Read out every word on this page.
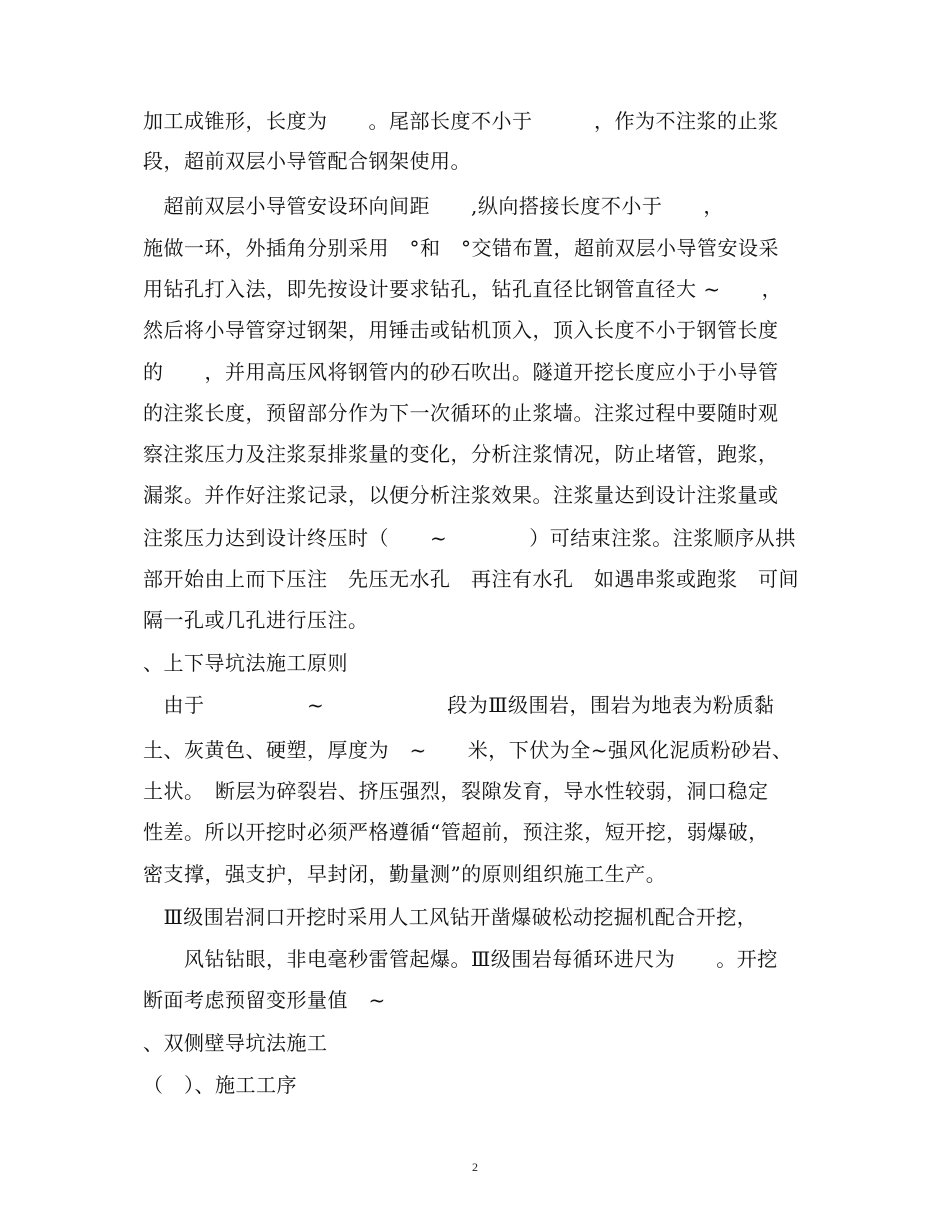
加工成锥形，长度为　　。尾部长度不小于　　　，作为不注浆的止浆
段，超前双层小导管配合钢架使用。
　超前双层小导管安设环向间距　　,纵向搭接长度不小于　　，
施做一环，外插角分别采用　°和　°交错布置，超前双层小导管安设采
用钻孔打入法，即先按设计要求钻孔，钻孔直径比钢管直径大 ~　　，
然后将小导管穿过钢架，用锤击或钻机顶入，顶入长度不小于钢管长度
的　　，并用高压风将钢管内的砂石吹出。隧道开挖长度应小于小导管
的注浆长度，预留部分作为下一次循环的止浆墙。注浆过程中要随时观
察注浆压力及注浆泵排浆量的变化，分析注浆情况，防止堵管，跑浆，
漏浆。并作好注浆记录，以便分析注浆效果。注浆量达到设计注浆量或
注浆压力达到设计终压时（　　~　　　　）可结束注浆。注浆顺序从拱
部开始由上而下压注　先压无水孔　再注有水孔　如遇串浆或跑浆　可间
隔一孔或几孔进行压注。
、上下导坑法施工原则
　由于　　　　　~　　　　　　段为Ⅲ级围岩，围岩为地表为粉质黏
土、灰黄色、硬塑，厚度为　~　　米，下伏为全~强风化泥质粉砂岩、
土状。　断层为碎裂岩、挤压强烈，裂隙发育，导水性较弱，洞口稳定
性差。所以开挖时必须严格遵循“管超前，预注浆，短开挖，弱爆破，
密支撑，强支护，早封闭，勤量测”的原则组织施工生产。
　Ⅲ级围岩洞口开挖时采用人工风钻开凿爆破松动挖掘机配合开挖，
　　风钻钻眼，非电毫秒雷管起爆。Ⅲ级围岩每循环进尺为　　。开挖
断面考虑预留变形量值　~
、双侧壁导坑法施工
（　）、施工工序
2
